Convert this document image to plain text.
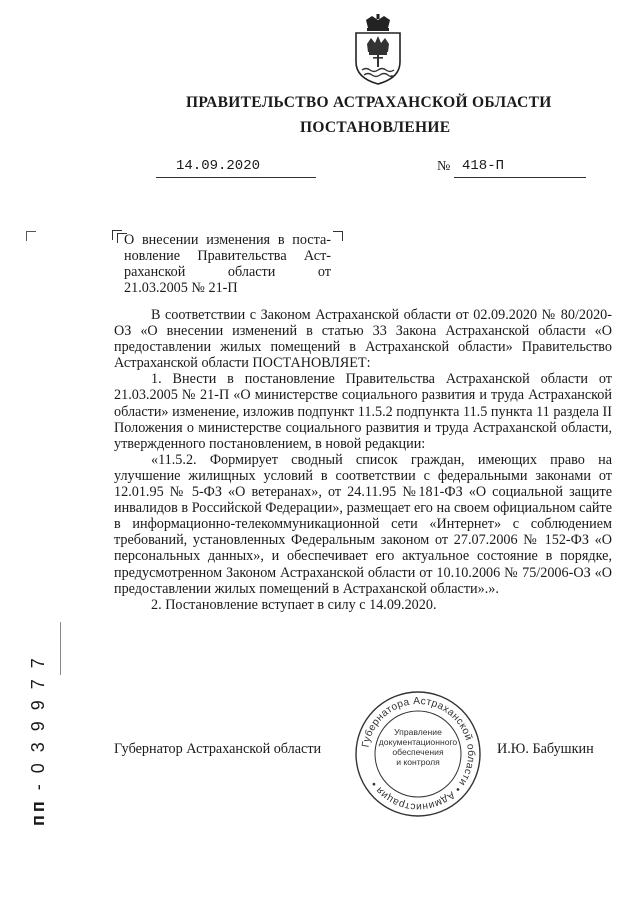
ПРАВИТЕЛЬСТВО АСТРАХАНСКОЙ ОБЛАСТИ
ПОСТАНОВЛЕНИЕ
14.09.2020	№ 418-П
О внесении изменения в поста-
новление Правительства Аст-
раханской области от
21.03.2005 № 21-П

В соответствии с Законом Астраханской области от 02.09.2020 № 80/2020-ОЗ «О внесении изменений в статью 33 Закона Астраханской области «О предоставлении жилых помещений в Астраханской области» Правительство Астраханской области ПОСТАНОВЛЯЕТ:

1. Внести в постановление Правительства Астраханской области от 21.03.2005 № 21-П «О министерстве социального развития и труда Астраханской области» изменение, изложив подпункт 11.5.2 подпункта 11.5 пункта 11 раздела II Положения о министерстве социального развития и труда Астраханской области, утвержденного постановлением, в новой редакции:

«11.5.2. Формирует сводный список граждан, имеющих право на улучшение жилищных условий в соответствии с федеральными законами от 12.01.95 № 5-ФЗ «О ветеранах», от 24.11.95 №181-ФЗ «О социальной защите инвалидов в Российской Федерации», размещает его на своем официальном сайте в информационно-телекоммуникационной сети «Интернет» с соблюдением требований, установленных Федеральным законом от 27.07.2006 № 152-ФЗ «О персональных данных», и обеспечивает его актуальное состояние в порядке, предусмотренном Законом Астраханской области от 10.10.2006 № 75/2006-ОЗ «О предоставлении жилых помещений в Астраханской области».».

2. Постановление вступает в силу с 14.09.2020.

Губернатор Астраханской области	И.Ю. Бабушкин
Губернатора Астраханской области • Администрация •
Управление
документационного
обеспечения
и контроля
пп- 0 3 9 9 7 7
